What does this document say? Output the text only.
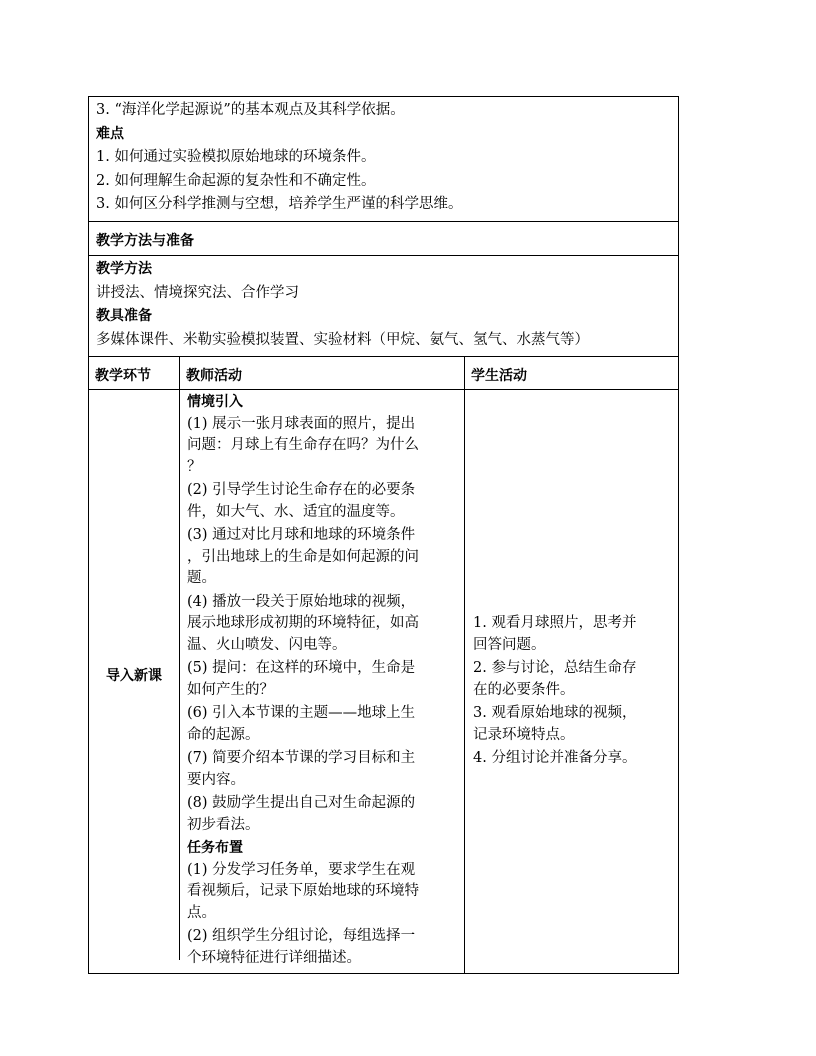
3. “海洋化学起源说”的基本观点及其科学依据。
难点
1. 如何通过实验模拟原始地球的环境条件。
2. 如何理解生命起源的复杂性和不确定性。
3. 如何区分科学推测与空想，培养学生严谨的科学思维。
教学方法与准备
教学方法
讲授法、情境探究法、合作学习
教具准备
多媒体课件、米勒实验模拟装置、实验材料（甲烷、氨气、氢气、水蒸气等）
教学环节	教师活动	学生活动
导入新课
情境引入
(1) 展示一张月球表面的照片，提出
问题：月球上有生命存在吗？为什么
？
(2) 引导学生讨论生命存在的必要条
件，如大气、水、适宜的温度等。
(3) 通过对比月球和地球的环境条件
，引出地球上的生命是如何起源的问
题。
(4) 播放一段关于原始地球的视频，
展示地球形成初期的环境特征，如高
温、火山喷发、闪电等。
(5) 提问：在这样的环境中，生命是
如何产生的？
(6) 引入本节课的主题——地球上生
命的起源。
(7) 简要介绍本节课的学习目标和主
要内容。
(8) 鼓励学生提出自己对生命起源的
初步看法。
任务布置
(1) 分发学习任务单，要求学生在观
看视频后，记录下原始地球的环境特
点。
(2) 组织学生分组讨论，每组选择一
个环境特征进行详细描述。
1. 观看月球照片，思考并
回答问题。
2. 参与讨论，总结生命存
在的必要条件。
3. 观看原始地球的视频，
记录环境特点。
4. 分组讨论并准备分享。
